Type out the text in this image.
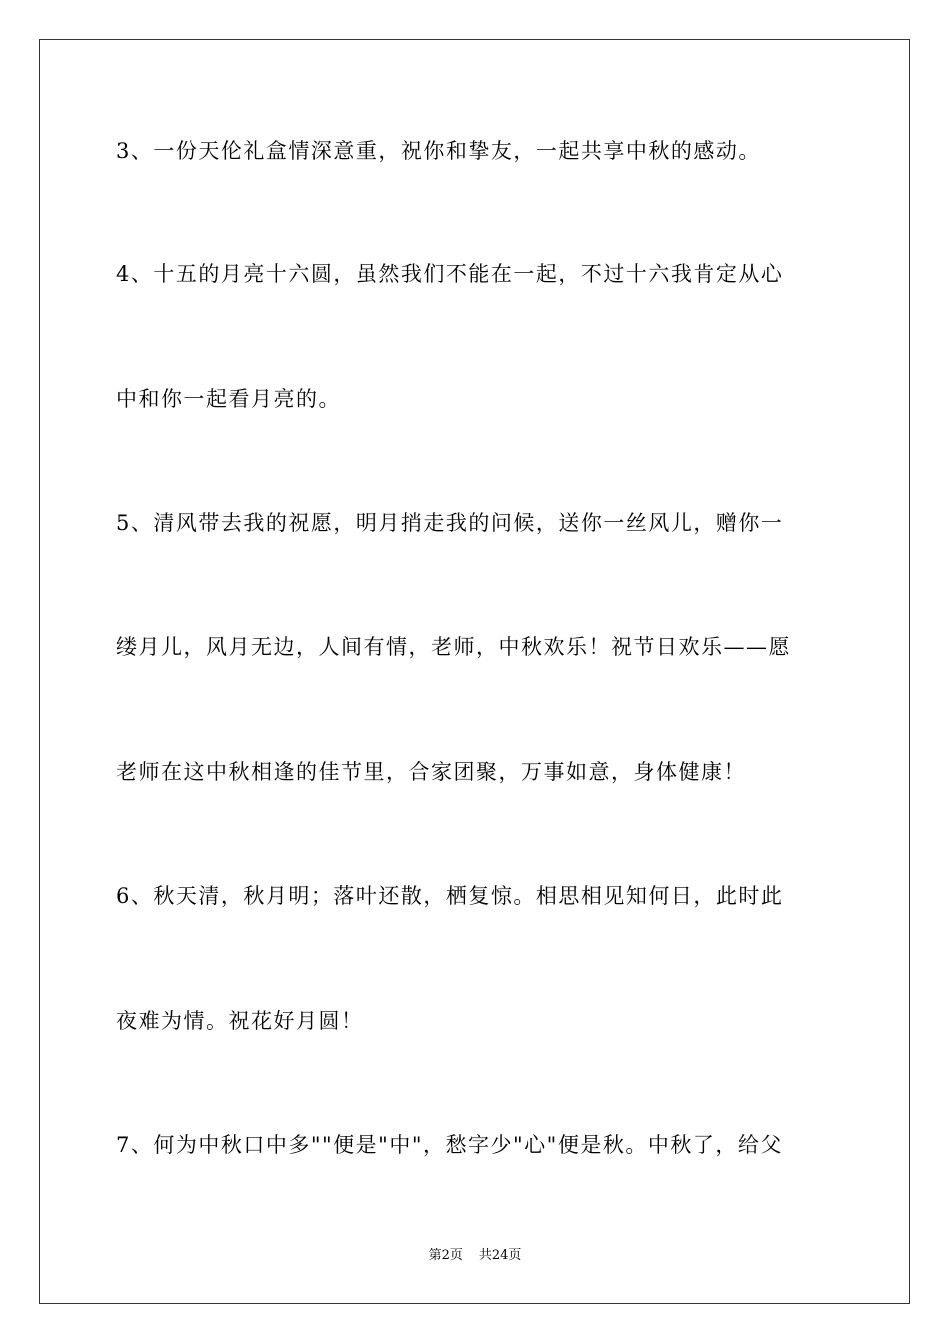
3、一份天伦礼盒情深意重，祝你和挚友，一起共享中秋的感动。
4、十五的月亮十六圆，虽然我们不能在一起，不过十六我肯定从心
中和你一起看月亮的。
5、清风带去我的祝愿，明月捎走我的问候，送你一丝风儿，赠你一
缕月儿，风月无边，人间有情，老师，中秋欢乐！祝节日欢乐——愿
老师在这中秋相逢的佳节里，合家团聚，万事如意，身体健康！
6、秋天清，秋月明；落叶还散，栖复惊。相思相见知何日，此时此
夜难为情。祝花好月圆！
7、何为中秋口中多""便是"中"，愁字少"心"便是秋。中秋了，给父
第2页 共24页
